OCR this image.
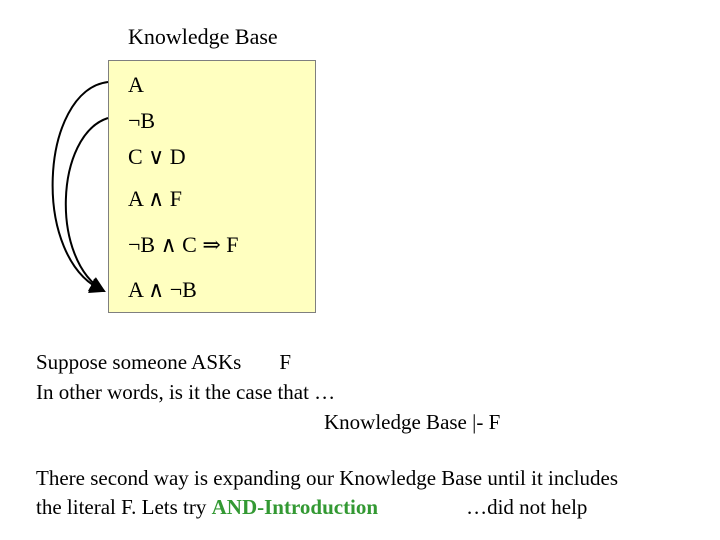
Knowledge Base
A
¬B
C ∨ D
A ∧ F
¬B ∧ C ⇒ F
A ∧ ¬B
Suppose someone ASKs F
In other words, is it the case that …
Knowledge Base |- F
There second way is expanding our Knowledge Base until it includes
the literal F. Lets try AND-Introduction	…did not help
